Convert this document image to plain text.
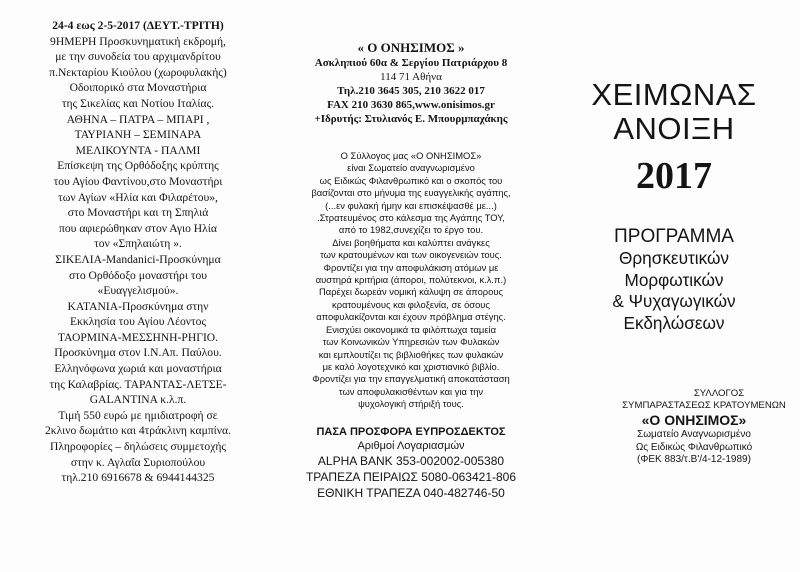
24-4 εως 2-5-2017 (ΔΕΥΤ.-ΤΡΙΤΗ)
9ΗΜΕΡΗ Προσκυνηματική εκδρομή,
με την συνοδεία του αρχιμανδρίτου
π.Νεκταρίου Κιούλου (χωροφυλακής)
Οδοιπορικό στα Μοναστήρια
της Σικελίας και Νοτίου Ιταλίας.
ΑΘΗΝΑ – ΠΑΤΡΑ – ΜΠΑΡΙ ,
ΤΑΥΡΙΑΝΗ – ΣΕΜΙΝΑΡΑ
ΜΕΛΙΚΟΥΝΤΑ - ΠΑΛΜΙ
Επίσκεψη της Ορθόδοξης κρύπτης
του Αγίου Φαντίνου,στο Μοναστήρι
των Αγίων «Ηλία και Φιλαρέτου»,
στο Μοναστήρι και τη Σπηλιά
που αφιερώθηκαν στον Αγιο Ηλία
τον «Σπηλαιώτη ».
ΣΙΚΕΛΙΑ-Mandanici-Προσκύνημα
στο Ορθόδοξο μοναστήρι του
«Ευαγγελισμού».
ΚΑΤΑΝΙΑ-Προσκύνημα στην
Εκκλησία του Αγίου Λέοντος
ΤΑΟΡΜΙΝΑ-ΜΕΣΣΗΝΗ-ΡΗΓΙΟ.
Προσκύνημα στον Ι.Ν.Απ. Παύλου.
Ελληνόφωνα χωριά και μοναστήρια
της Καλαβρίας. ΤΑΡΑΝΤΑΣ-ΛΕΤΣΕ-
GALANTINA κ.λ.π.
Τιμή 550 ευρώ με ημιδιατροφή σε
2κλινο δωμάτιο και 4τράκλινη καμπίνα.
Πληροφορίες – δηλώσεις συμμετοχής
στην κ. Αγλαΐα Συριοπούλου
τηλ.210 6916678 & 6944144325
« Ο ΟΝΗΣΙΜΟΣ »
Ασκληπιού 60α & Σεργίου Πατριάρχου 8
114 71 Αθήνα
Τηλ.210 3645 305, 210 3622 017
FAX 210 3630 865,www.onisimos.gr
+Ιδρυτής: Στυλιανός Ε. Μπουρμπαχάκης
Ο Σύλλογος μας «Ο ΟΝΗΣΙΜΟΣ»
είναι Σωματείο αναγνωρισμένο
ως Ειδικώς Φιλανθρωπικό και ο σκοπός του
βασίζονται στο μήνυμα της ευαγγελικής αγάπης,
(...εν φυλακή ήμην και επισκέψασθέ με...)
.Στρατευμένος στο κάλεσμα της Αγάπης ΤΟΥ,
από το 1982,συνεχίζει το έργο του.
Δίνει βοηθήματα και καλύπτει ανάγκες
των κρατουμένων και των οικογενειών τους.
Φροντίζει για την αποφυλάκιση ατόμων με
αυστηρά κριτήρια (άποροι, πολύτεκνοι, κ.λ.π.)
Παρέχει δωρεάν νομική κάλυψη σε άπορους
κρατουμένους και φιλοξενία, σε όσους
αποφυλακίζονται και έχουν πρόβλημα στέγης.
Ενισχύει οικονομικά τα φιλόπτωχα ταμεία
των Κοινωνικών Υπηρεσιών των Φυλακών
και εμπλουτίζει τις βιβλιοθήκες των φυλακών
με καλό λογοτεχνικό και χριστιανικό βιβλίο.
Φροντίζει για την επαγγελματική αποκατάσταση
των αποφυλακισθέντων και για την
ψυχολογική στήριξή τους.
ΠΑΣΑ ΠΡΟΣΦΟΡΑ ΕΥΠΡΟΣΔΕΚΤΟΣ
Αριθμοί Λογαριασμών
ALPHA BANK 353-002002-005380
ΤΡΑΠΕΖΑ ΠΕΙΡΑΙΩΣ 5080-063421-806
ΕΘΝΙΚΗ ΤΡΑΠΕΖΑ 040-482746-50
ΧΕΙΜΩΝΑΣ
ΑΝΟΙΞΗ
2017
ΠΡΟΓΡΑΜΜΑ
Θρησκευτικών
Μορφωτικών
& Ψυχαγωγικών
Εκδηλώσεων
ΣΥΛΛΟΓΟΣ
ΣΥΜΠΑΡΑΣΤΑΣΕΩΣ ΚΡΑΤΟΥΜΕΝΩΝ
«Ο ΟΝΗΣΙΜΟΣ»
Σωματείο Αναγνωρισμένο
Ως Ειδικώς Φιλανθρωπικό
(ΦΕΚ 883/τ.Β'/4-12-1989)
